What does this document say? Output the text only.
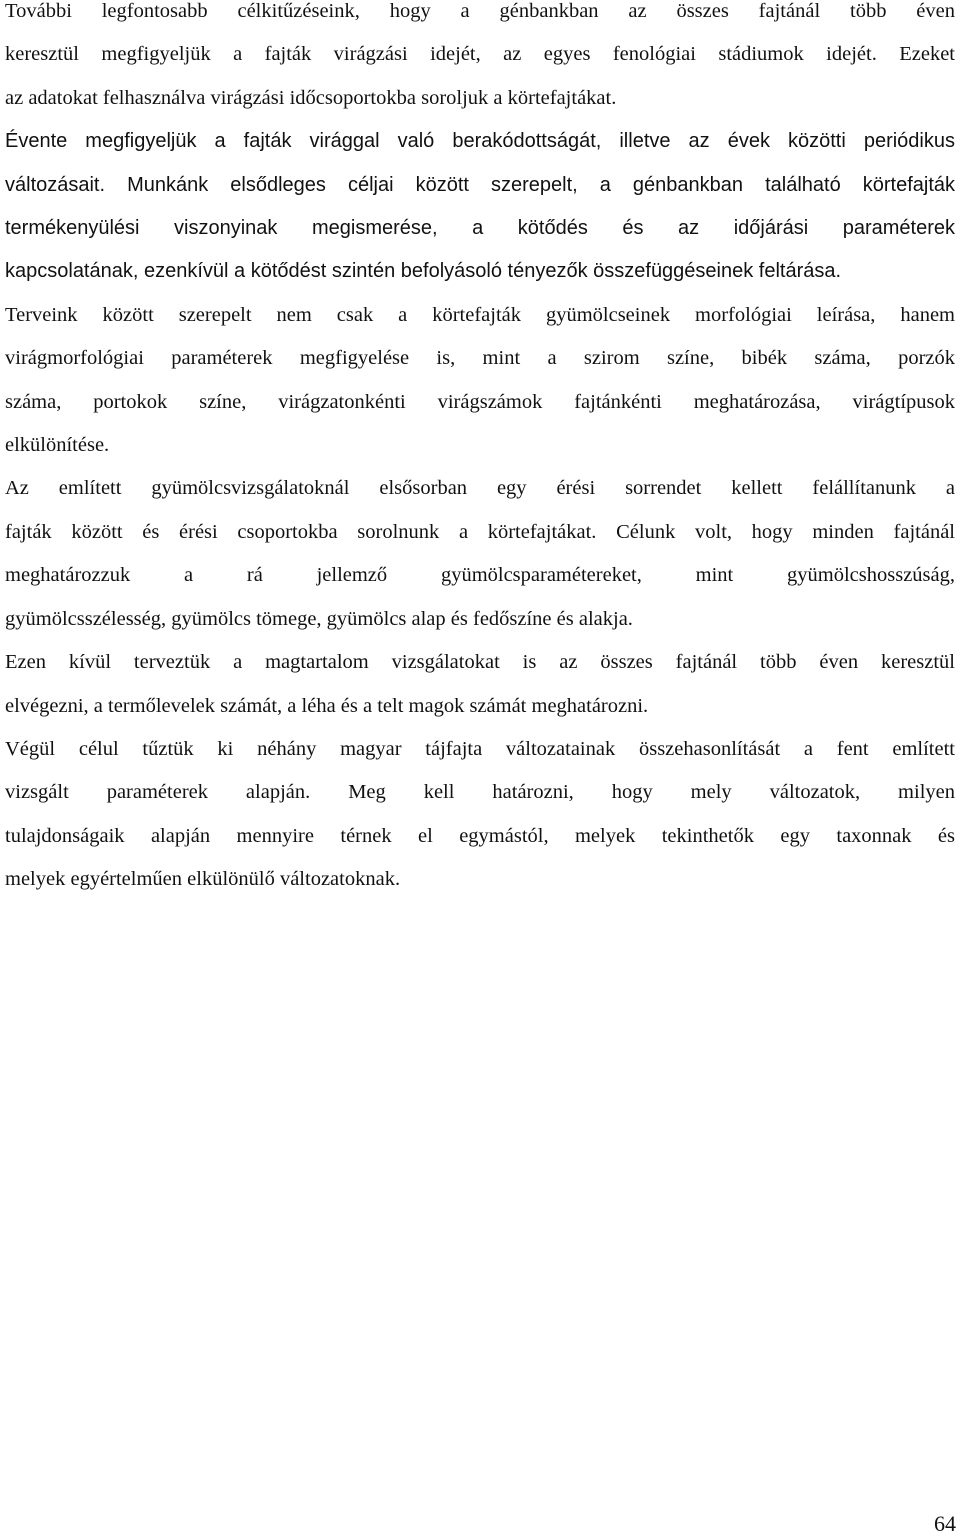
További legfontosabb célkitűzéseink, hogy a génbankban az összes fajtánál több éven
keresztül megfigyeljük a fajták virágzási idejét, az egyes fenológiai stádiumok idejét. Ezeket
az adatokat felhasználva virágzási időcsoportokba soroljuk a körtefajtákat.

Évente megfigyeljük a fajták virággal való berakódottságát, illetve az évek közötti periódikus
változásait. Munkánk elsődleges céljai között szerepelt, a génbankban található körtefajták
termékenyülési viszonyinak megismerése, a kötődés és az időjárási paraméterek
kapcsolatának, ezenkívül a kötődést szintén befolyásoló tényezők összefüggéseinek feltárása.

Terveink között szerepelt nem csak a körtefajták gyümölcseinek morfológiai leírása, hanem
virágmorfológiai paraméterek megfigyelése is, mint a szirom színe, bibék száma, porzók
száma, portokok színe, virágzatonkénti virágszámok fajtánkénti meghatározása, virágtípusok
elkülönítése.

Az említett gyümölcsvizsgálatoknál elsősorban egy érési sorrendet kellett felállítanunk a
fajták között és érési csoportokba sorolnunk a körtefajtákat. Célunk volt, hogy minden fajtánál
meghatározzuk a rá jellemző gyümölcsparamétereket, mint gyümölcshosszúság,
gyümölcsszélesség, gyümölcs tömege, gyümölcs alap és fedőszíne és alakja.

Ezen kívül terveztük a magtartalom vizsgálatokat is az összes fajtánál több éven keresztül
elvégezni, a termőlevelek számát, a léha és a telt magok számát meghatározni.

Végül célul tűztük ki néhány magyar tájfajta változatainak összehasonlítását a fent említett
vizsgált paraméterek alapján. Meg kell határozni, hogy mely változatok, milyen
tulajdonságaik alapján mennyire térnek el egymástól, melyek tekinthetők egy taxonnak és
melyek egyértelműen elkülönülő változatoknak.

64
